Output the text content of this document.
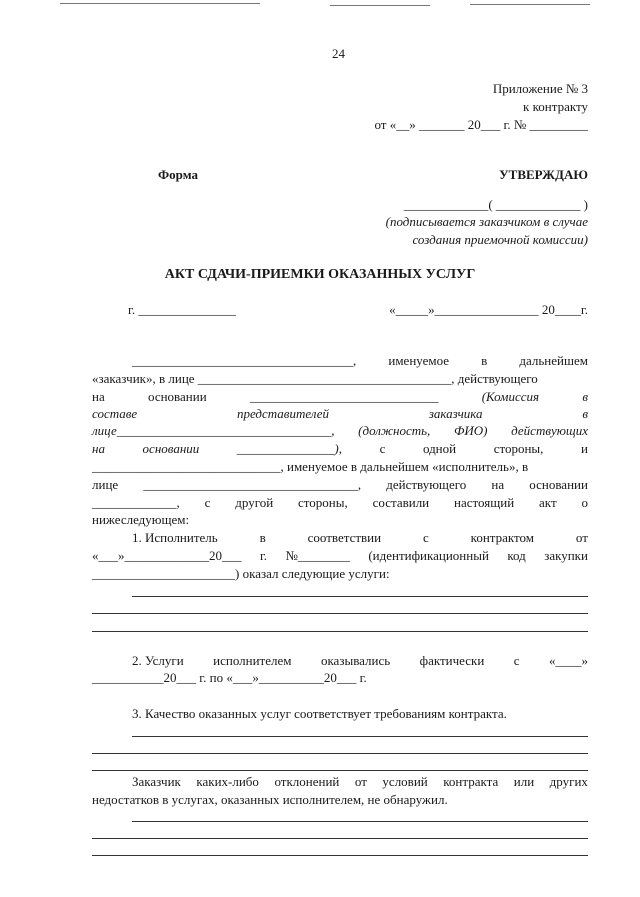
24
Приложение № 3
к контракту
от «__» _______ 20___ г. № _________
Форма	УТВЕРЖДАЮ
_____________( _____________ )
(подписывается заказчиком в случае
создания приемочной комиссии)
АКТ СДАЧИ-ПРИЕМКИ ОКАЗАННЫХ УСЛУГ
г. _______________	«_____»________________ 20____г.
__________________________________, именуемое в дальнейшем
«заказчик», в лице _______________________________________, действующего
на	основании	_____________________________	(Комиссия	в
составе	представителей	заказчика	в
лице_________________________________, (должность, ФИО) действующих
на	основании	_______________),	с	одной	стороны,	и
_____________________________, именуемое в дальнейшем «исполнитель», в
лице _________________________________, действующего на основании
_____________, с другой стороны, составили настоящий акт о
нижеследующем:
1. Исполнитель	в	соответствии	с	контрактом	от
«___»_____________20___ г. №________ (идентификационный код закупки
______________________) оказал следующие услуги:
2. Услуги исполнителем оказывались фактически с «____»
___________20___ г. по «___»__________20___ г.
3. Качество оказанных услуг соответствует требованиям контракта.
Заказчик каких-либо отклонений от условий контракта или других
недостатков в услугах, оказанных исполнителем, не обнаружил.
